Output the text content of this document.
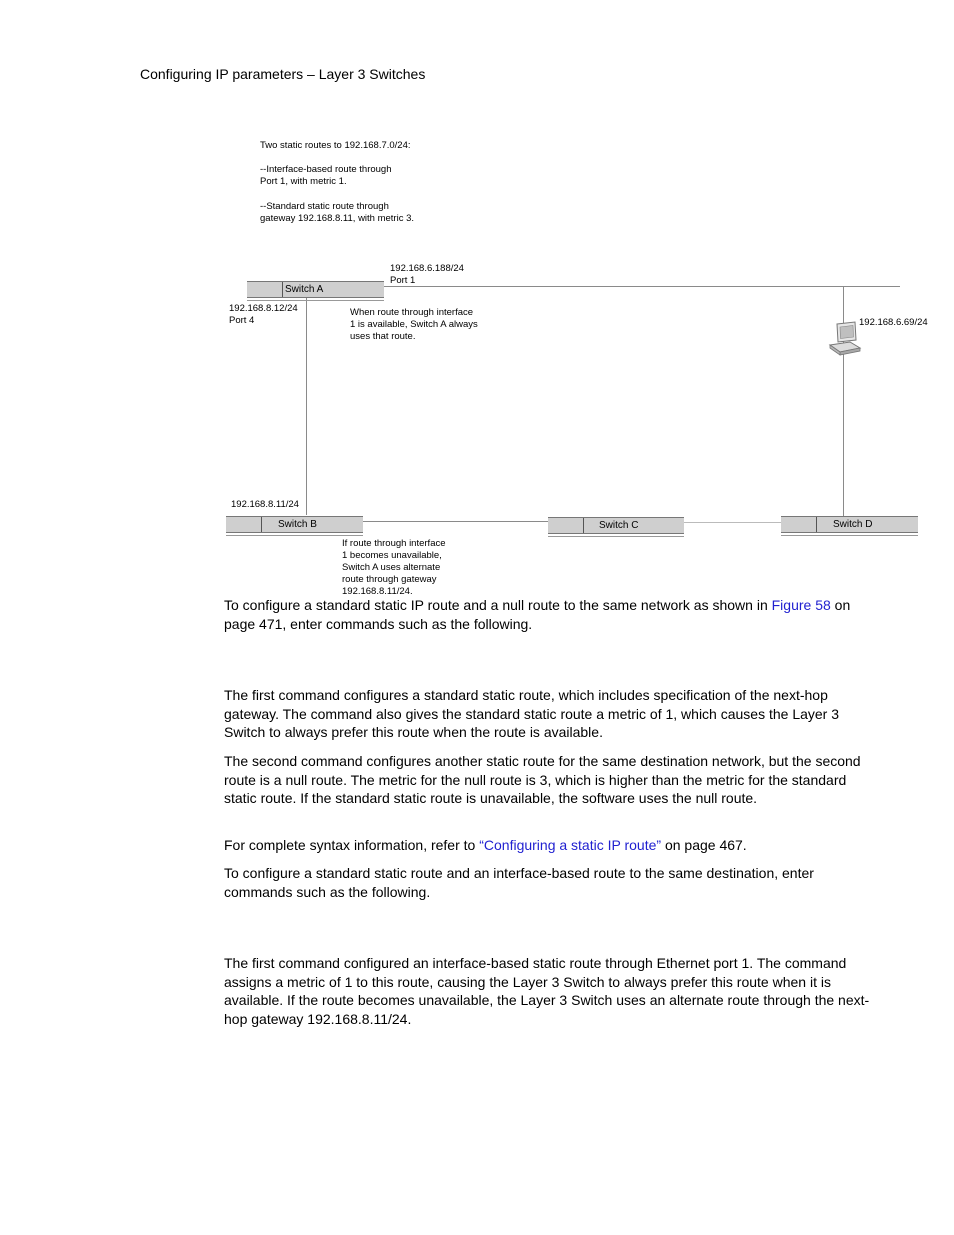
Configuring IP parameters – Layer 3 Switches
Two static routes to 192.168.7.0/24:
--Interface-based route through
Port 1, with metric 1.
--Standard static route through
gateway 192.168.8.11, with metric 3.
Switch A
192.168.6.188/24
Port 1
192.168.8.12/24
Port 4
When route through interface
1 is available, Switch A always
uses that route.
192.168.6.69/24
192.168.8.11/24
Switch B
If route through interface
1 becomes unavailable,
Switch A uses alternate
route through gateway
192.168.8.11/24.
Switch C	Switch D

To configure a standard static IP route and a null route to the same network as shown in Figure 58 on page 471, enter commands such as the following.

The first command configures a standard static route, which includes specification of the next-hop gateway. The command also gives the standard static route a metric of 1, which causes the Layer 3 Switch to always prefer this route when the route is available.

The second command configures another static route for the same destination network, but the second route is a null route. The metric for the null route is 3, which is higher than the metric for the standard static route. If the standard static route is unavailable, the software uses the null route.

For complete syntax information, refer to “Configuring a static IP route” on page 467.

To configure a standard static route and an interface-based route to the same destination, enter commands such as the following.

The first command configured an interface-based static route through Ethernet port 1. The command assigns a metric of 1 to this route, causing the Layer 3 Switch to always prefer this route when it is available. If the route becomes unavailable, the Layer 3 Switch uses an alternate route through the next-hop gateway 192.168.8.11/24.
